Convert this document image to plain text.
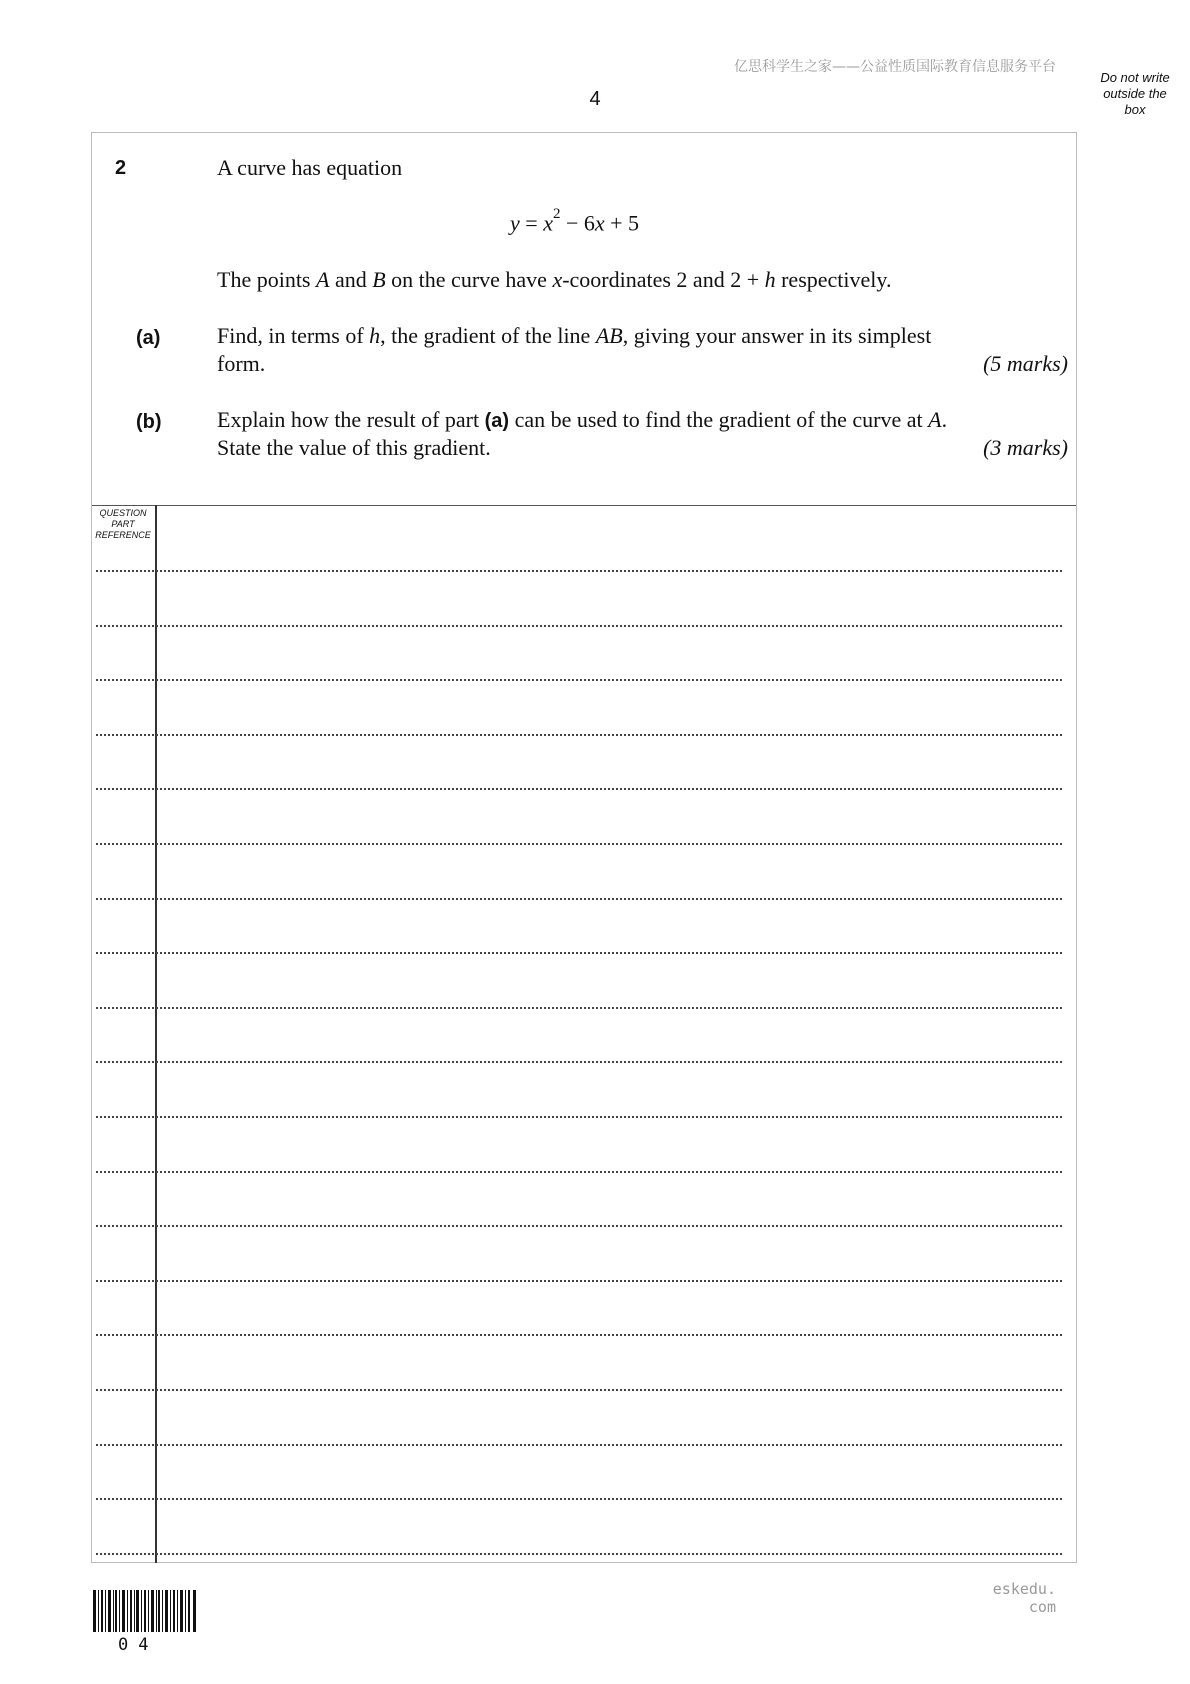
亿思科学生之家——公益性质国际教育信息服务平台
4
Do not write
outside the
box
2	A curve has equation
$y = x^2 - 6x + 5$
The points A and B on the curve have x-coordinates 2 and 2 + h respectively.
(a)	Find, in terms of h, the gradient of the line AB, giving your answer in its simplest
form.	(5 marks)
(b)	Explain how the result of part (a) can be used to find the gradient of the curve at A.
State the value of this gradient.	(3 marks)
QUESTION
PART
REFERENCE
eskedu. com
04
